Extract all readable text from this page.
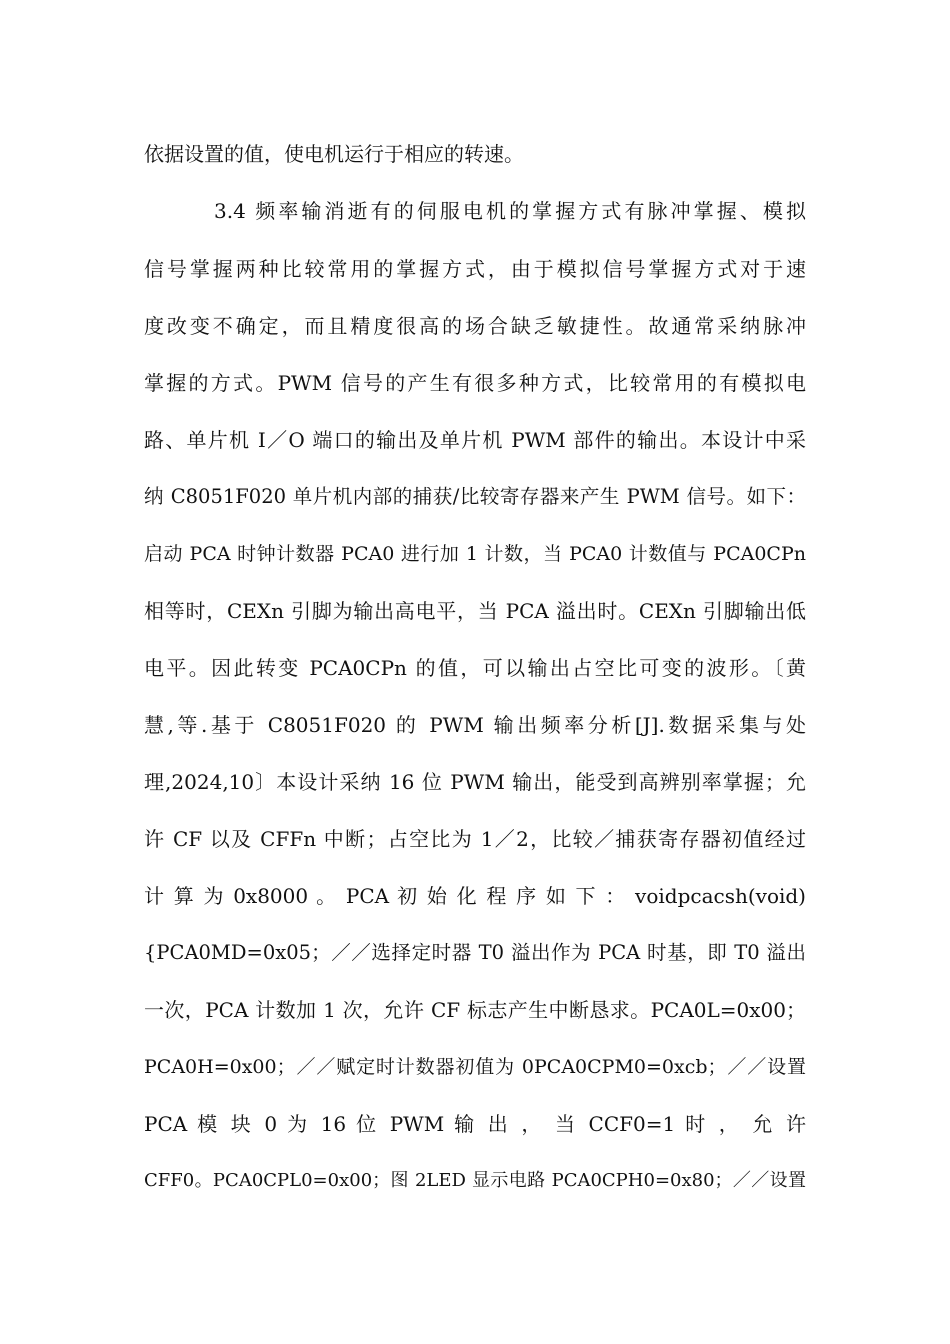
依据设置的值，使电机运行于相应的转速。
3.4 频率输消逝有的伺服电机的掌握方式有脉冲掌握、模拟
信号掌握两种比较常用的掌握方式，由于模拟信号掌握方式对于速
度改变不确定，而且精度很高的场合缺乏敏捷性。故通常采纳脉冲
掌握的方式。PWM 信号的产生有很多种方式，比较常用的有模拟电
路、单片机 I／O 端口的输出及单片机 PWM 部件的输出。本设计中采
纳 C8051F020 单片机内部的捕获/比较寄存器来产生 PWM 信号。如下：
启动 PCA 时钟计数器 PCA0 进行加 1 计数，当 PCA0 计数值与 PCA0CPn
相等时，CEXn 引脚为输出高电平，当 PCA 溢出时。CEXn 引脚输出低
电平。因此转变 PCA0CPn 的值，可以输出占空比可变的波形。〔黄
慧,等.基于 C8051F020 的 PWM 输出频率分析[J].数据采集与处
理,2024,10〕本设计采纳 16 位 PWM 输出，能受到高辨别率掌握；允
许 CF 以及 CFFn 中断；占空比为 1／2，比较／捕获寄存器初值经过
计 算 为 0x8000 。 PCA 初 始 化 程 序 如 下 ： voidpcacsh(void)
{PCA0MD=0x05；／／选择定时器 T0 溢出作为 PCA 时基，即 T0 溢出
一次，PCA 计数加 1 次，允许 CF 标志产生中断恳求。PCA0L=0x00；
PCA0H=0x00；／／赋定时计数器初值为 0PCA0CPM0=0xcb；／／设置
PCA 模 块 0 为 16 位 PWM 输 出 ， 当 CCF0=1 时 ， 允 许
CFF0。PCA0CPL0=0x00；图 2LED 显示电路 PCA0CPH0=0x80；／／设置
